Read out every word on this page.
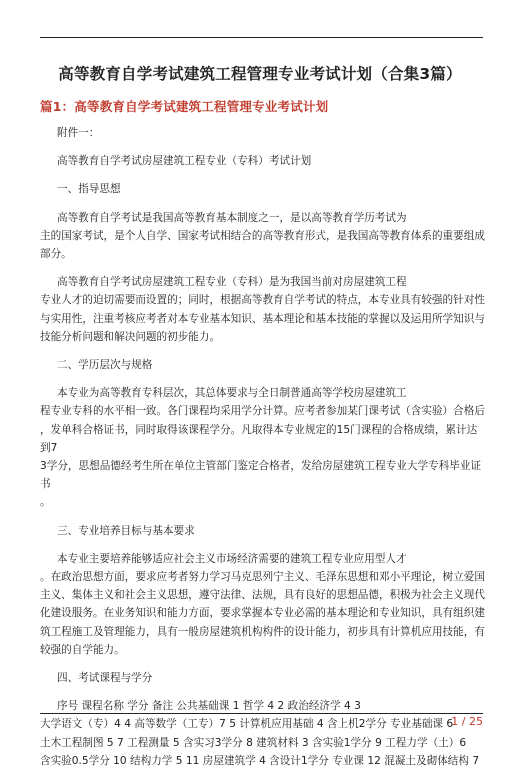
高等教育自学考试建筑工程管理专业考试计划（合集3篇）
篇1：高等教育自学考试建筑工程管理专业考试计划

附件一：

高等教育自学考试房屋建筑工程专业（专科）考试计划

一、指导思想

高等教育自学考试是我国高等教育基本制度之一，是以高等教育学历考试为

主的国家考试，是个人自学、国家考试相结合的高等教育形式，是我国高等教育体系的重要组成

部分。

高等教育自学考试房屋建筑工程专业（专科）是为我国当前对房屋建筑工程

专业人才的迫切需要而设置的；同时，根据高等教育自学考试的特点，本专业具有较强的针对性

与实用性，注重考核应考者对本专业基本知识、基本理论和基本技能的掌握以及运用所学知识与

技能分析问题和解决问题的初步能力。

二、学历层次与规格

本专业为高等教育专科层次，其总体要求与全日制普通高等学校房屋建筑工

程专业专科的水平相一致。各门课程均采用学分计算。应考者参加某门课考试（含实验）合格后

，发单科合格证书，同时取得该课程学分。凡取得本专业规定的15门课程的合格成绩，累计达到7

3学分，思想品德经考生所在单位主管部门鉴定合格者，发给房屋建筑工程专业大学专科毕业证书

。

三、专业培养目标与基本要求

本专业主要培养能够适应社会主义市场经济需要的建筑工程专业应用型人才

。在政治思想方面，要求应考者努力学习马克思列宁主义、毛泽东思想和邓小平理论，树立爱国

主义、集体主义和社会主义思想，遵守法律、法规，具有良好的思想品德，积极为社会主义现代

化建设服务。在业务知识和能力方面，要求掌握本专业必需的基本理论和专业知识，具有组织建

筑工程施工及管理能力，具有一般房屋建筑机构构件的设计能力，初步具有计算机应用技能，有

较强的自学能力。

四、考试课程与学分

序号 课程名称 学分 备注 公共基础课 1 哲学 4 2 政治经济学 4 3

大学语文（专）4 4 高等数学（工专）7 5 计算机应用基础 4 含上机2学分 专业基础课 6

土木工程制图 5 7 工程测量 5 含实习3学分 8 建筑材料 3 含实验1学分 9 工程力学（土）6

含实验0.5学分 10 结构力学 5 11 房屋建筑学 4 含设计1学分 专业课 12 混凝土及砌体结构 7

1 / 25
